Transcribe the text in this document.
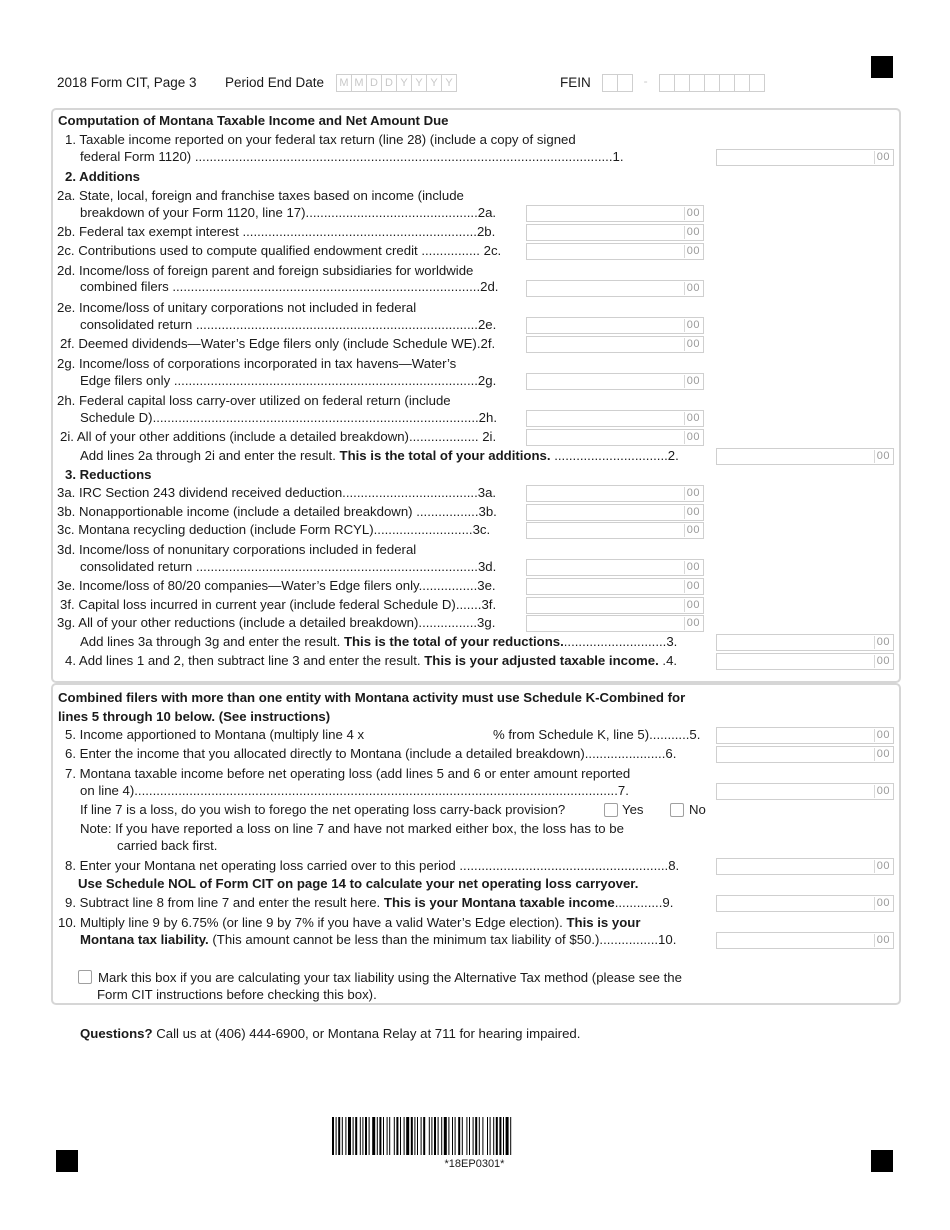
2018 Form CIT, Page 3 Period End Date	M M D D Y Y Y Y	FEIN	-
Computation of Montana Taxable Income and Net Amount Due
1. Taxable income reported on your federal tax return (line 28) (include a copy of signed
federal Form 1120) ..................................................................................................................1.	00
2. Additions
2a. State, local, foreign and franchise taxes based on income (include
breakdown of your Form 1120, line 17)...............................................2a.	00
2b. Federal tax exempt interest ................................................................2b.	00
2c. Contributions used to compute qualified endowment credit ................ 2c.	00
2d. Income/loss of foreign parent and foreign subsidiaries for worldwide
combined filers ....................................................................................2d.	00
2e. Income/loss of unitary corporations not included in federal
consolidated return .............................................................................2e.	00
2f. Deemed dividends—Water’s Edge filers only (include Schedule WE).2f.	00
2g. Income/loss of corporations incorporated in tax havens—Water’s
Edge filers only ...................................................................................2g.	00
2h. Federal capital loss carry-over utilized on federal return (include
Schedule D).........................................................................................2h.	00
2i. All of your other additions (include a detailed breakdown)................... 2i.	00
Add lines 2a through 2i and enter the result. This is the total of your additions. ...............................2.	00
3. Reductions
3a. IRC Section 243 dividend received deduction.....................................3a.	00
3b. Nonapportionable income (include a detailed breakdown) .................3b.	00
3c. Montana recycling deduction (include Form RCYL)...........................3c.	00
3d. Income/loss of nonunitary corporations included in federal
consolidated return .............................................................................3d.	00
3e. Income/loss of 80/20 companies—Water’s Edge filers only................3e.	00
3f. Capital loss incurred in current year (include federal Schedule D).......3f.	00
3g. All of your other reductions (include a detailed breakdown)................3g.	00
Add lines 3a through 3g and enter the result. This is the total of your reductions.............................3.	00
4. Add lines 1 and 2, then subtract line 3 and enter the result. This is your adjusted taxable income. .4.	00
Combined filers with more than one entity with Montana activity must use Schedule K-Combined for
lines 5 through 10 below. (See instructions)
5. Income apportioned to Montana (multiply line 4 x	% from Schedule K, line 5)...........5.	00
6. Enter the income that you allocated directly to Montana (include a detailed breakdown)......................6.	00
7. Montana taxable income before net operating loss (add lines 5 and 6 or enter amount reported
on line 4)....................................................................................................................................7.	00
If line 7 is a loss, do you wish to forego the net operating loss carry-back provision?	Yes	No
Note: If you have reported a loss on line 7 and have not marked either box, the loss has to be
carried back first.
8. Enter your Montana net operating loss carried over to this period .........................................................8.	00
Use Schedule NOL of Form CIT on page 14 to calculate your net operating loss carryover.
9. Subtract line 8 from line 7 and enter the result here. This is your Montana taxable income.............9.	00
10. Multiply line 9 by 6.75% (or line 9 by 7% if you have a valid Water’s Edge election). This is your
Montana tax liability. (This amount cannot be less than the minimum tax liability of $50.)................10.	00
Mark this box if you are calculating your tax liability using the Alternative Tax method (please see the
Form CIT instructions before checking this box).
Questions? Call us at (406) 444-6900, or Montana Relay at 711 for hearing impaired.
*18EP0301*
